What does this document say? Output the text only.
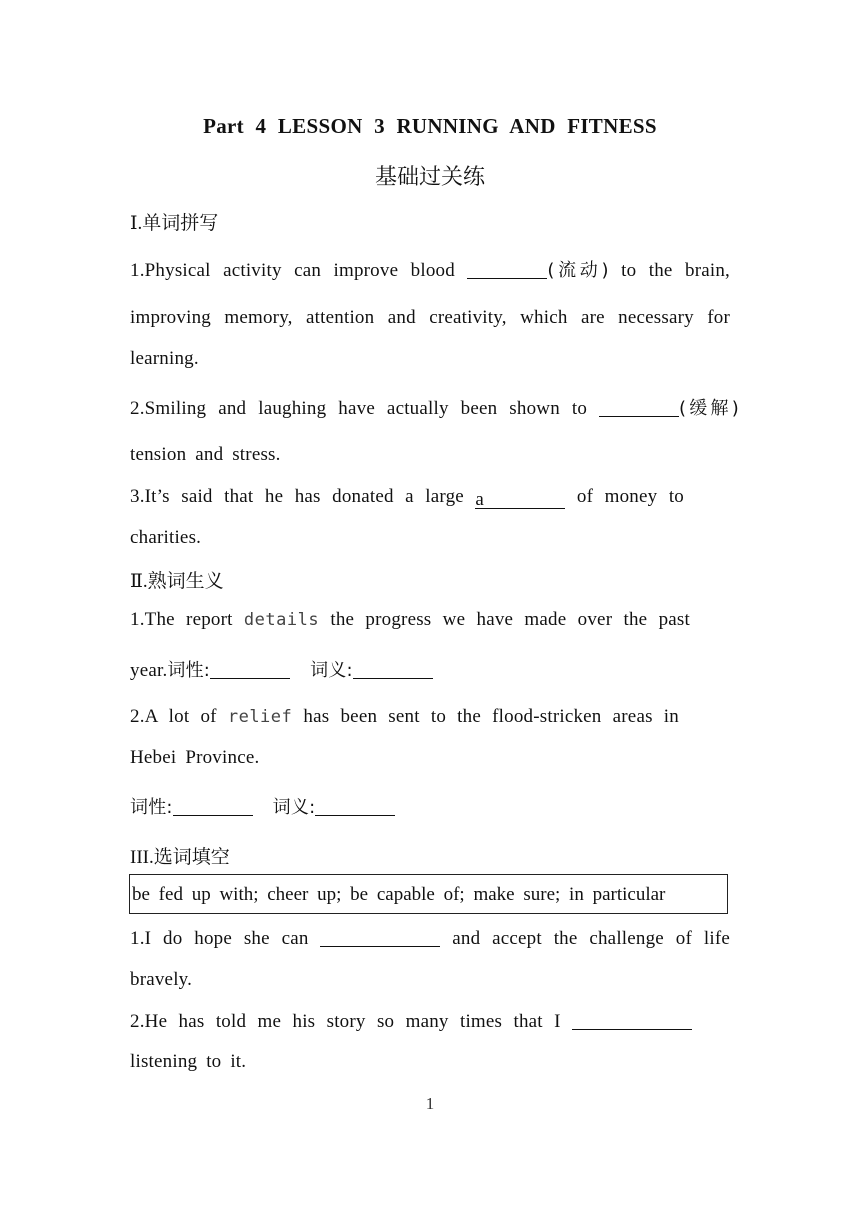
Part 4 LESSON 3 RUNNING AND FITNESS
基础过关练
Ⅰ.单词拼写
1.Physical activity can improve blood	(流动) to the brain,
improving memory, attention and creativity, which are necessary for
learning.
2.Smiling and laughing have actually been shown to	(缓解)
tension and stress.
3.It’s said that he has donated a large a	of money to
charities.
Ⅱ.熟词生义
1.The report details the progress we have made over the past
year.词性:	词义:
2.A lot of relief has been sent to the flood-stricken areas in
Hebei Province.
词性:	词义:
III.选词填空
be fed up with; cheer up; be capable of; make sure; in particular
1.I do hope she can	and accept the challenge of life
bravely.
2.He has told me his story so many times that I
listening to it.
1
